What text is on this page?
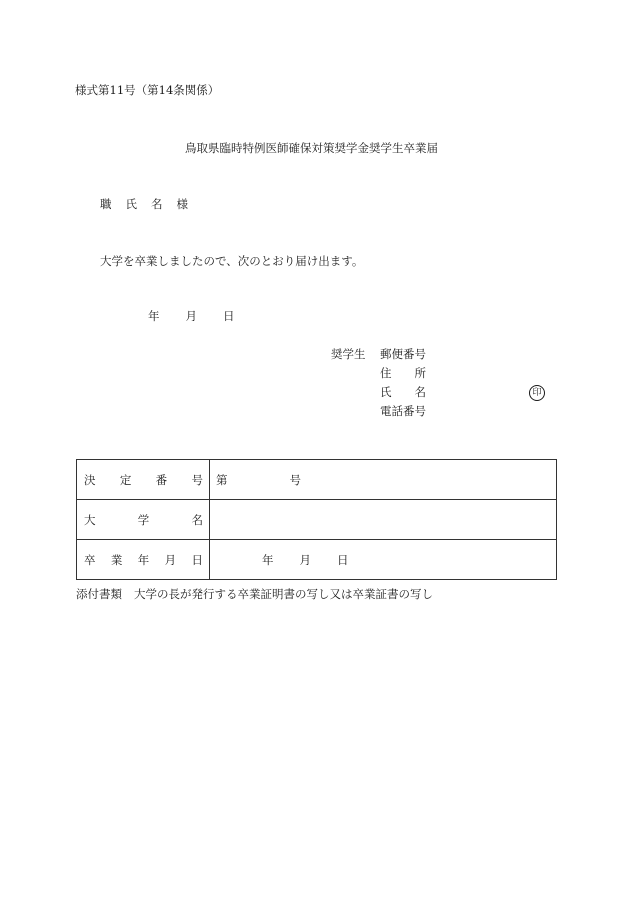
様式第11号（第14条関係）
鳥取県臨時特例医師確保対策奨学金奨学生卒業届
職 氏 名 様
大学を卒業しましたので、次のとおり届け出ます。
年 月 日
奨学生 郵便番号
住 所
氏 名	印
電話番号
決 定 番 号	第 号

大 学 名	

卒 業 年 月 日	年 月 日
添付書類 大学の長が発行する卒業証明書の写し又は卒業証書の写し
